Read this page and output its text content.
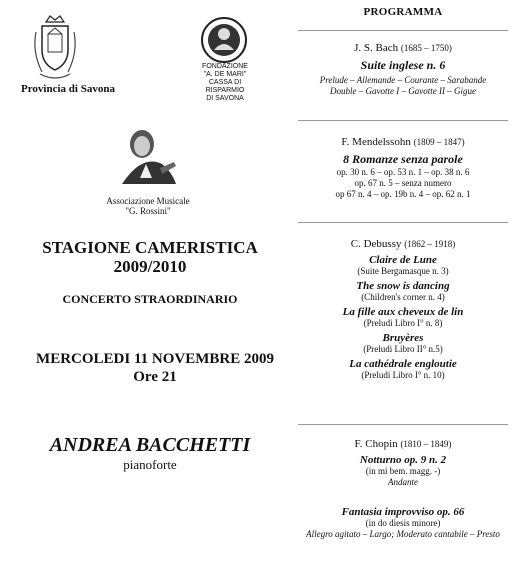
Provincia di Savona
FONDAZIONE
"A. DE MARI"
CASSA DI
RISPARMIO
DI SAVONA
Associazione Musicale
"G. Rossini"
STAGIONE CAMERISTICA
2009/2010
CONCERTO STRAORDINARIO
MERCOLEDI 11 NOVEMBRE 2009
Ore 21
ANDREA BACCHETTI
pianoforte
PROGRAMMA
J. S. Bach (1685 – 1750)
Suite inglese n. 6
Prelude – Allemande – Courante – Sarabande
Double – Gavotte I – Gavotte II – Gigue
F. Mendelssohn (1809 – 1847)
8 Romanze senza parole
op. 30 n. 6 – op. 53 n. 1 – op. 38 n. 6
op. 67 n. 5 – senza numero
op 67 n. 4 – op. 19b n. 4 – op. 62 n. 1
C. Debussy (1862 – 1918)
Claire de Lune
(Suite Bergamasque n. 3)
The snow is dancing
(Children's corner n. 4)
La fille aux cheveux de lin
(Preludi Libro I° n. 8)
Bruyères
(Preludi Libro II° n.5)
La cathédrale engloutie
(Preludi Libro I° n. 10)
F. Chopin (1810 – 1849)
Notturno op. 9 n. 2
(in mi bem. magg. -)
Andante
Fantasia improvviso op. 66
(in do diesis minore)
Allegro agitato – Largo; Moderato cantabile – Presto
